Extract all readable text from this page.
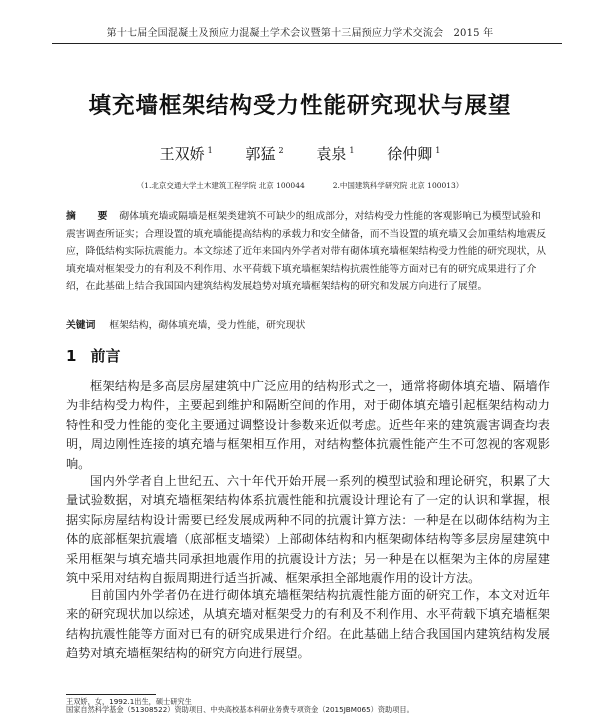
第十七届全国混凝土及预应力混凝土学术会议暨第十三届预应力学术交流会　2015 年
填充墙框架结构受力性能研究现状与展望
王双娇 $^1$ 郭猛 $^2$ 袁泉 $^1$ 徐仲卿 $^1$
（1.北京交通大学土木建筑工程学院 北京 100044	2.中国建筑科学研究院 北京 100013）
摘　要 砌体填充墙或隔墙是框架类建筑不可缺少的组成部分，对结构受力性能的客观影响已为模型试验和震害调查所证实；合理设置的填充墙能提高结构的承载力和安全储备，而不当设置的填充墙又会加重结构地震反应，降低结构实际抗震能力。本文综述了近年来国内外学者对带有砌体填充墙框架结构受力性能的研究现状，从填充墙对框架受力的有利及不利作用、水平荷载下填充墙框架结构抗震性能等方面对已有的研究成果进行了介绍，在此基础上结合我国国内建筑结构发展趋势对填充墙框架结构的研究和发展方向进行了展望。
关键词 框架结构，砌体填充墙，受力性能，研究现状
1 前言

框架结构是多高层房屋建筑中广泛应用的结构形式之一，通常将砌体填充墙、隔墙作为非结构受力构件，主要起到维护和隔断空间的作用，对于砌体填充墙引起框架结构动力特性和受力性能的变化主要通过调整设计参数来近似考虑。近些年来的建筑震害调查均表明，周边刚性连接的填充墙与框架相互作用，对结构整体抗震性能产生不可忽视的客观影响。

国内外学者自上世纪五、六十年代开始开展一系列的模型试验和理论研究，积累了大量试验数据，对填充墙框架结构体系抗震性能和抗震设计理论有了一定的认识和掌握，根据实际房屋结构设计需要已经发展成两种不同的抗震计算方法：一种是在以砌体结构为主体的底部框架抗震墙（底部框支墙梁）上部砌体结构和内框架砌体结构等多层房屋建筑中采用框架与填充墙共同承担地震作用的抗震设计方法；另一种是在以框架为主体的房屋建筑中采用对结构自振周期进行适当折减、框架承担全部地震作用的设计方法。

目前国内外学者仍在进行砌体填充墙框架结构抗震性能方面的研究工作，本文对近年来的研究现状加以综述，从填充墙对框架受力的有利及不利作用、水平荷载下填充墙框架结构抗震性能等方面对已有的研究成果进行介绍。在此基础上结合我国国内建筑结构发展趋势对填充墙框架结构的研究方向进行展望。

王双娇，女，1992.1出生，硕士研究生
国家自然科学基金（51308522）资助项目、中央高校基本科研业务费专项资金（2015JBM065）资助项目。
